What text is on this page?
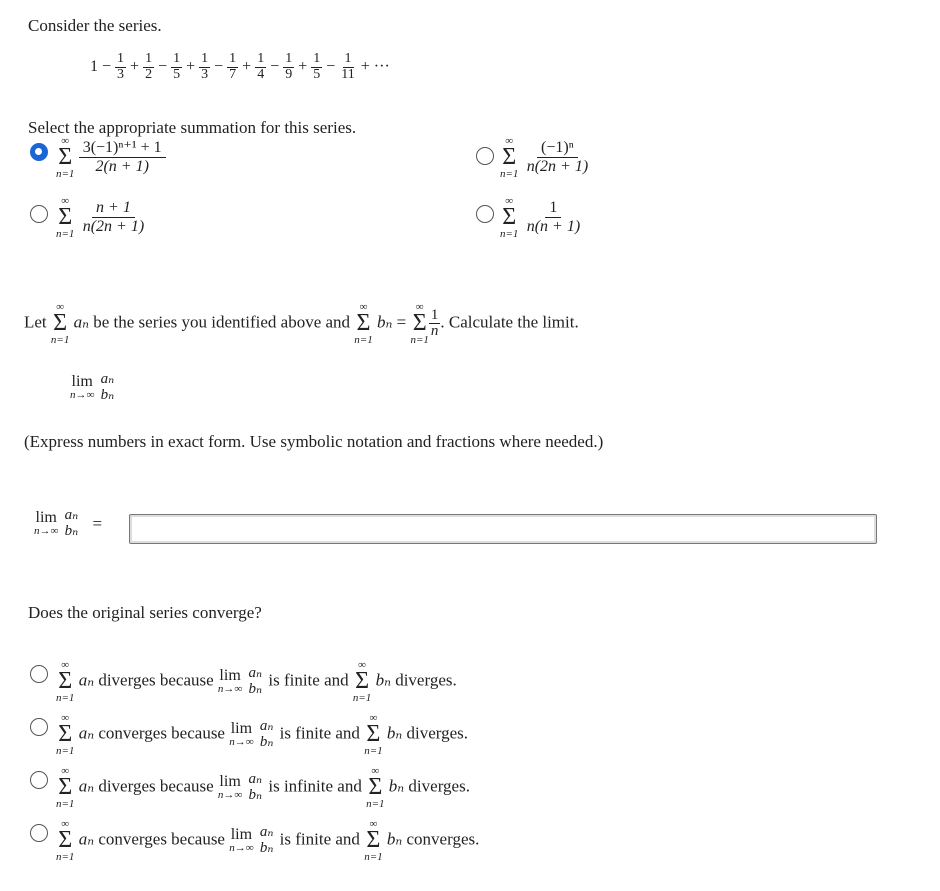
Consider the series.
$1 - \frac{1}{3} + \frac{1}{2} - \frac{1}{5} + \frac{1}{3} - \frac{1}{7} + \frac{1}{4} - \frac{1}{9} + \frac{1}{5} - \frac{1}{11}$ + ···
Select the appropriate summation for this series.
∞
Σ
n=1
$\frac{\text{3(−1)ⁿ⁺¹ + 1}}{2(n + 1)}$	∞
Σ
n=1
$\frac{\text{(−1)ⁿ}}{n(2n + 1)}$
∞
Σ
n=1
$\frac{n + 1}{n(2n + 1)}$	∞
Σ
n=1
$\frac{1}{n(n + 1)}$
Let
∞
Σ
n=1
aₙ be the series you identified above and
∞
Σ
n=1
bₙ =
∞
Σ
$n=1 \frac{1}{n}$ . Calculate the limit.
lim
n→∞

aₙ
bₙ
(Express numbers in exact form. Use symbolic notation and fractions where needed.)
lim
n→∞

aₙ
bₙ =
Does the original series converge?
∞
Σ
n=1
aₙ diverges because lim
n→∞

aₙ
bₙ is finite and
∞
Σ
n=1
bₙ diverges.
∞
Σ
n=1
aₙ converges because lim
n→∞

aₙ
bₙ is finite and
∞
Σ
n=1
bₙ diverges.
∞
Σ
n=1
aₙ diverges because lim
n→∞

aₙ
bₙ is infinite and
∞
Σ
n=1
bₙ diverges.
∞
Σ
n=1
aₙ converges because lim
n→∞

aₙ
bₙ is finite and
∞
Σ
n=1
bₙ converges.
